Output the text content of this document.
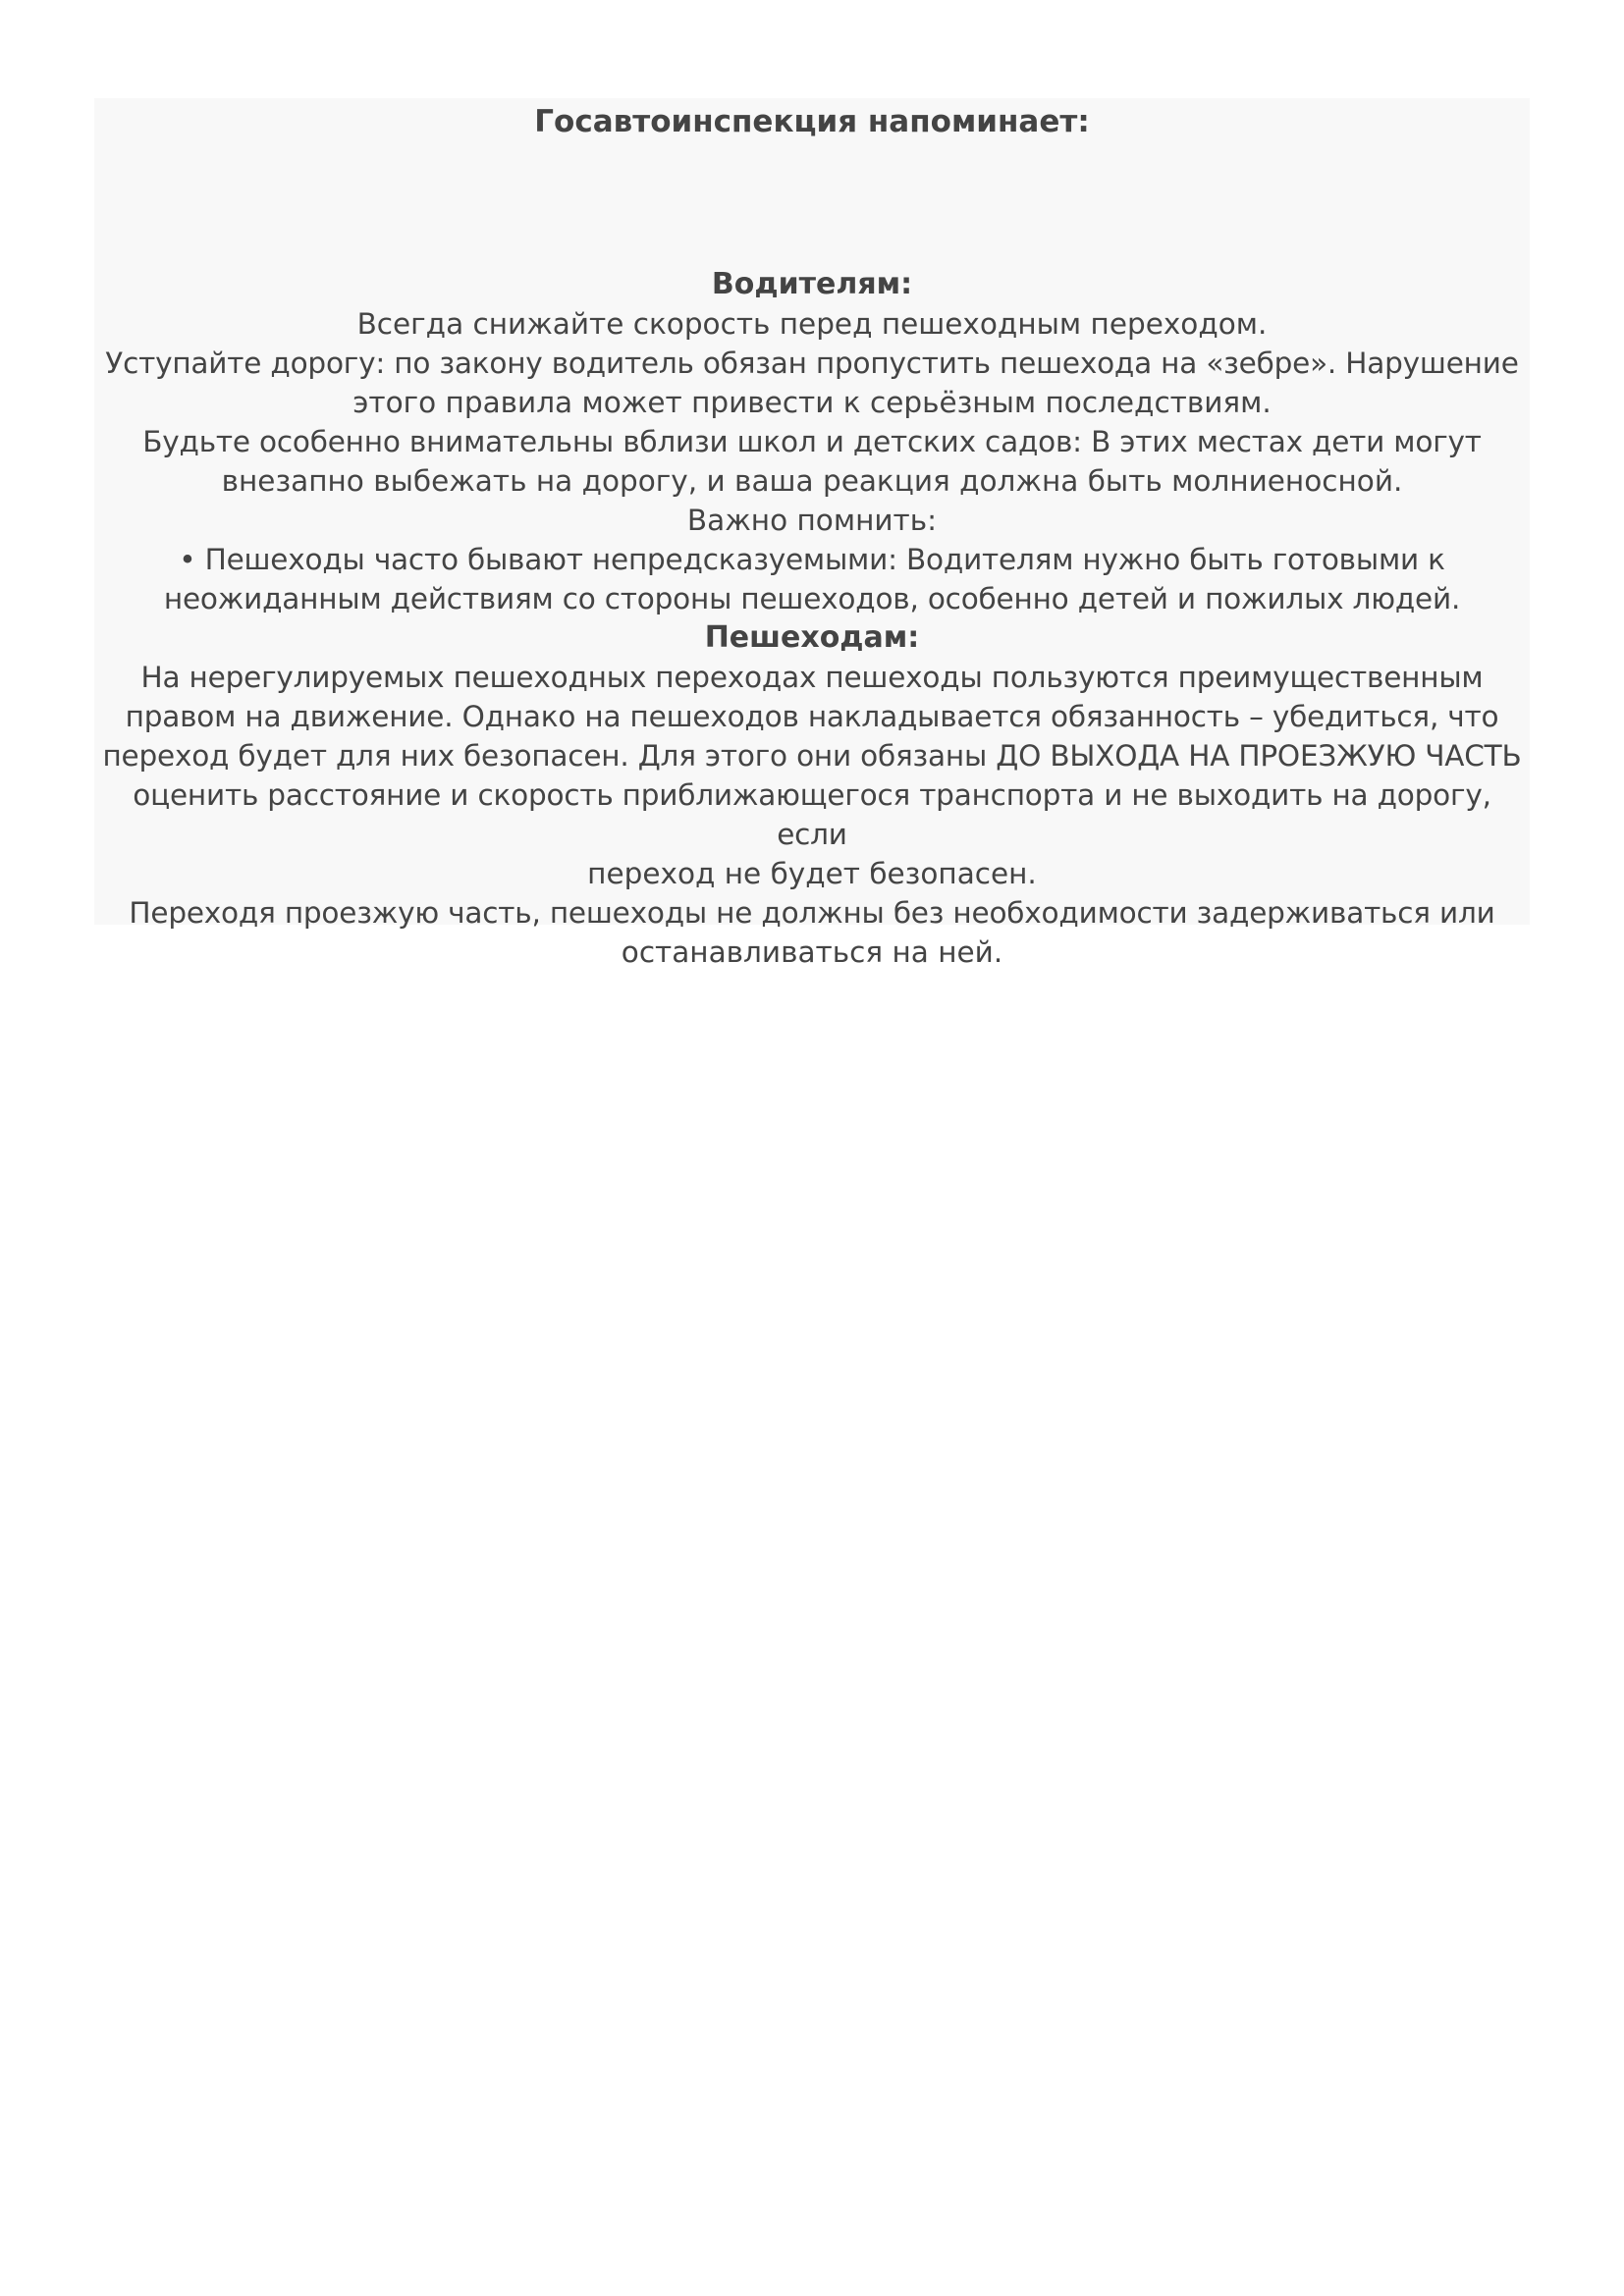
Госавтоинспекция напоминает:

Водителям:

Всегда снижайте скорость перед пешеходным переходом.

Уступайте дорогу: по закону водитель обязан пропустить пешехода на «зебре». Нарушение

этого правила может привести к серьёзным последствиям.

Будьте особенно внимательны вблизи школ и детских садов: В этих местах дети могут

внезапно выбежать на дорогу, и ваша реакция должна быть молниеносной.

Важно помнить:

• Пешеходы часто бывают непредсказуемыми: Водителям нужно быть готовыми к

неожиданным действиям со стороны пешеходов, особенно детей и пожилых людей.

Пешеходам:

На нерегулируемых пешеходных переходах пешеходы пользуются преимущественным

правом на движение. Однако на пешеходов накладывается обязанность – убедиться, что

переход будет для них безопасен. Для этого они обязаны ДО ВЫХОДА НА ПРОЕЗЖУЮ ЧАСТЬ

оценить расстояние и скорость приближающегося транспорта и не выходить на дорогу, если

переход не будет безопасен.

Переходя проезжую часть, пешеходы не должны без необходимости задерживаться или

останавливаться на ней.
